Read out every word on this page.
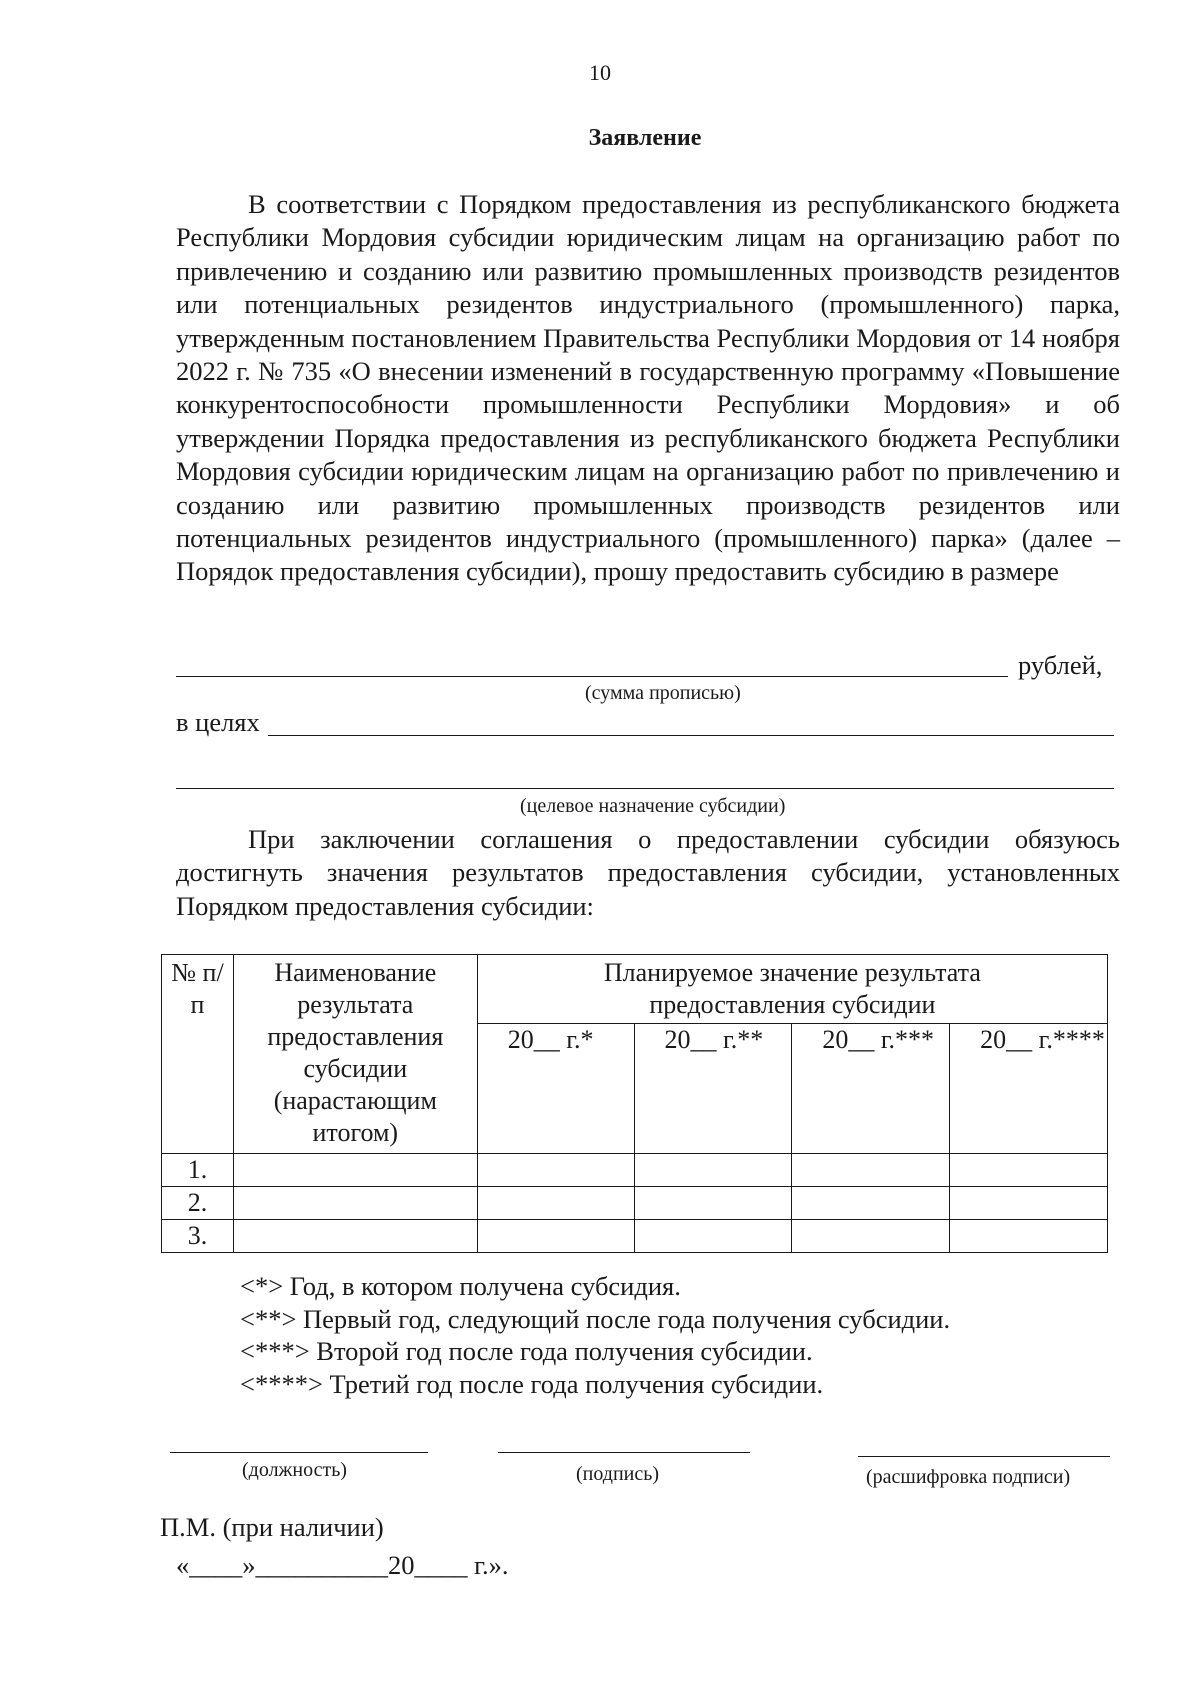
10
Заявление
В соответствии с Порядком предоставления из республиканского бюджета Республики Мордовия субсидии юридическим лицам на организацию работ по привлечению и созданию или развитию промышленных производств резидентов или потенциальных резидентов индустриального (промышленного) парка, утвержденным постановлением Правительства Республики Мордовия от 14 ноября 2022 г. № 735 «О внесении изменений в государственную программу «Повышение конкурентоспособности промышленности Республики Мордовия» и об утверждении Порядка предоставления из республиканского бюджета Республики Мордовия субсидии юридическим лицам на организацию работ по привлечению и созданию или развитию промышленных производств резидентов или потенциальных резидентов индустриального (промышленного) парка» (далее – Порядок предоставления субсидии), прошу предоставить субсидию в размере
рублей,
(сумма прописью)
в целях
(целевое назначение субсидии)
При заключении соглашения о предоставлении субсидии обязуюсь достигнуть значения результатов предоставления субсидии, установленных Порядком предоставления субсидии:
№ п/п	Наименование результата предоставления субсидии (нарастающим итогом)	Планируемое значение результата предоставления субсидии			
		20__ г.*	20__ г.**	20__ г.***	20__ г.****
1.					
2.					
3.					
<*> Год, в котором получена субсидия.
<**> Первый год, следующий после года получения субсидии.
<***> Второй год после года получения субсидии.
<****> Третий год после года получения субсидии.
(должность)	(подпись)	(расшифровка подписи)
П.М. (при наличии)
«____»__________20____ г.».
